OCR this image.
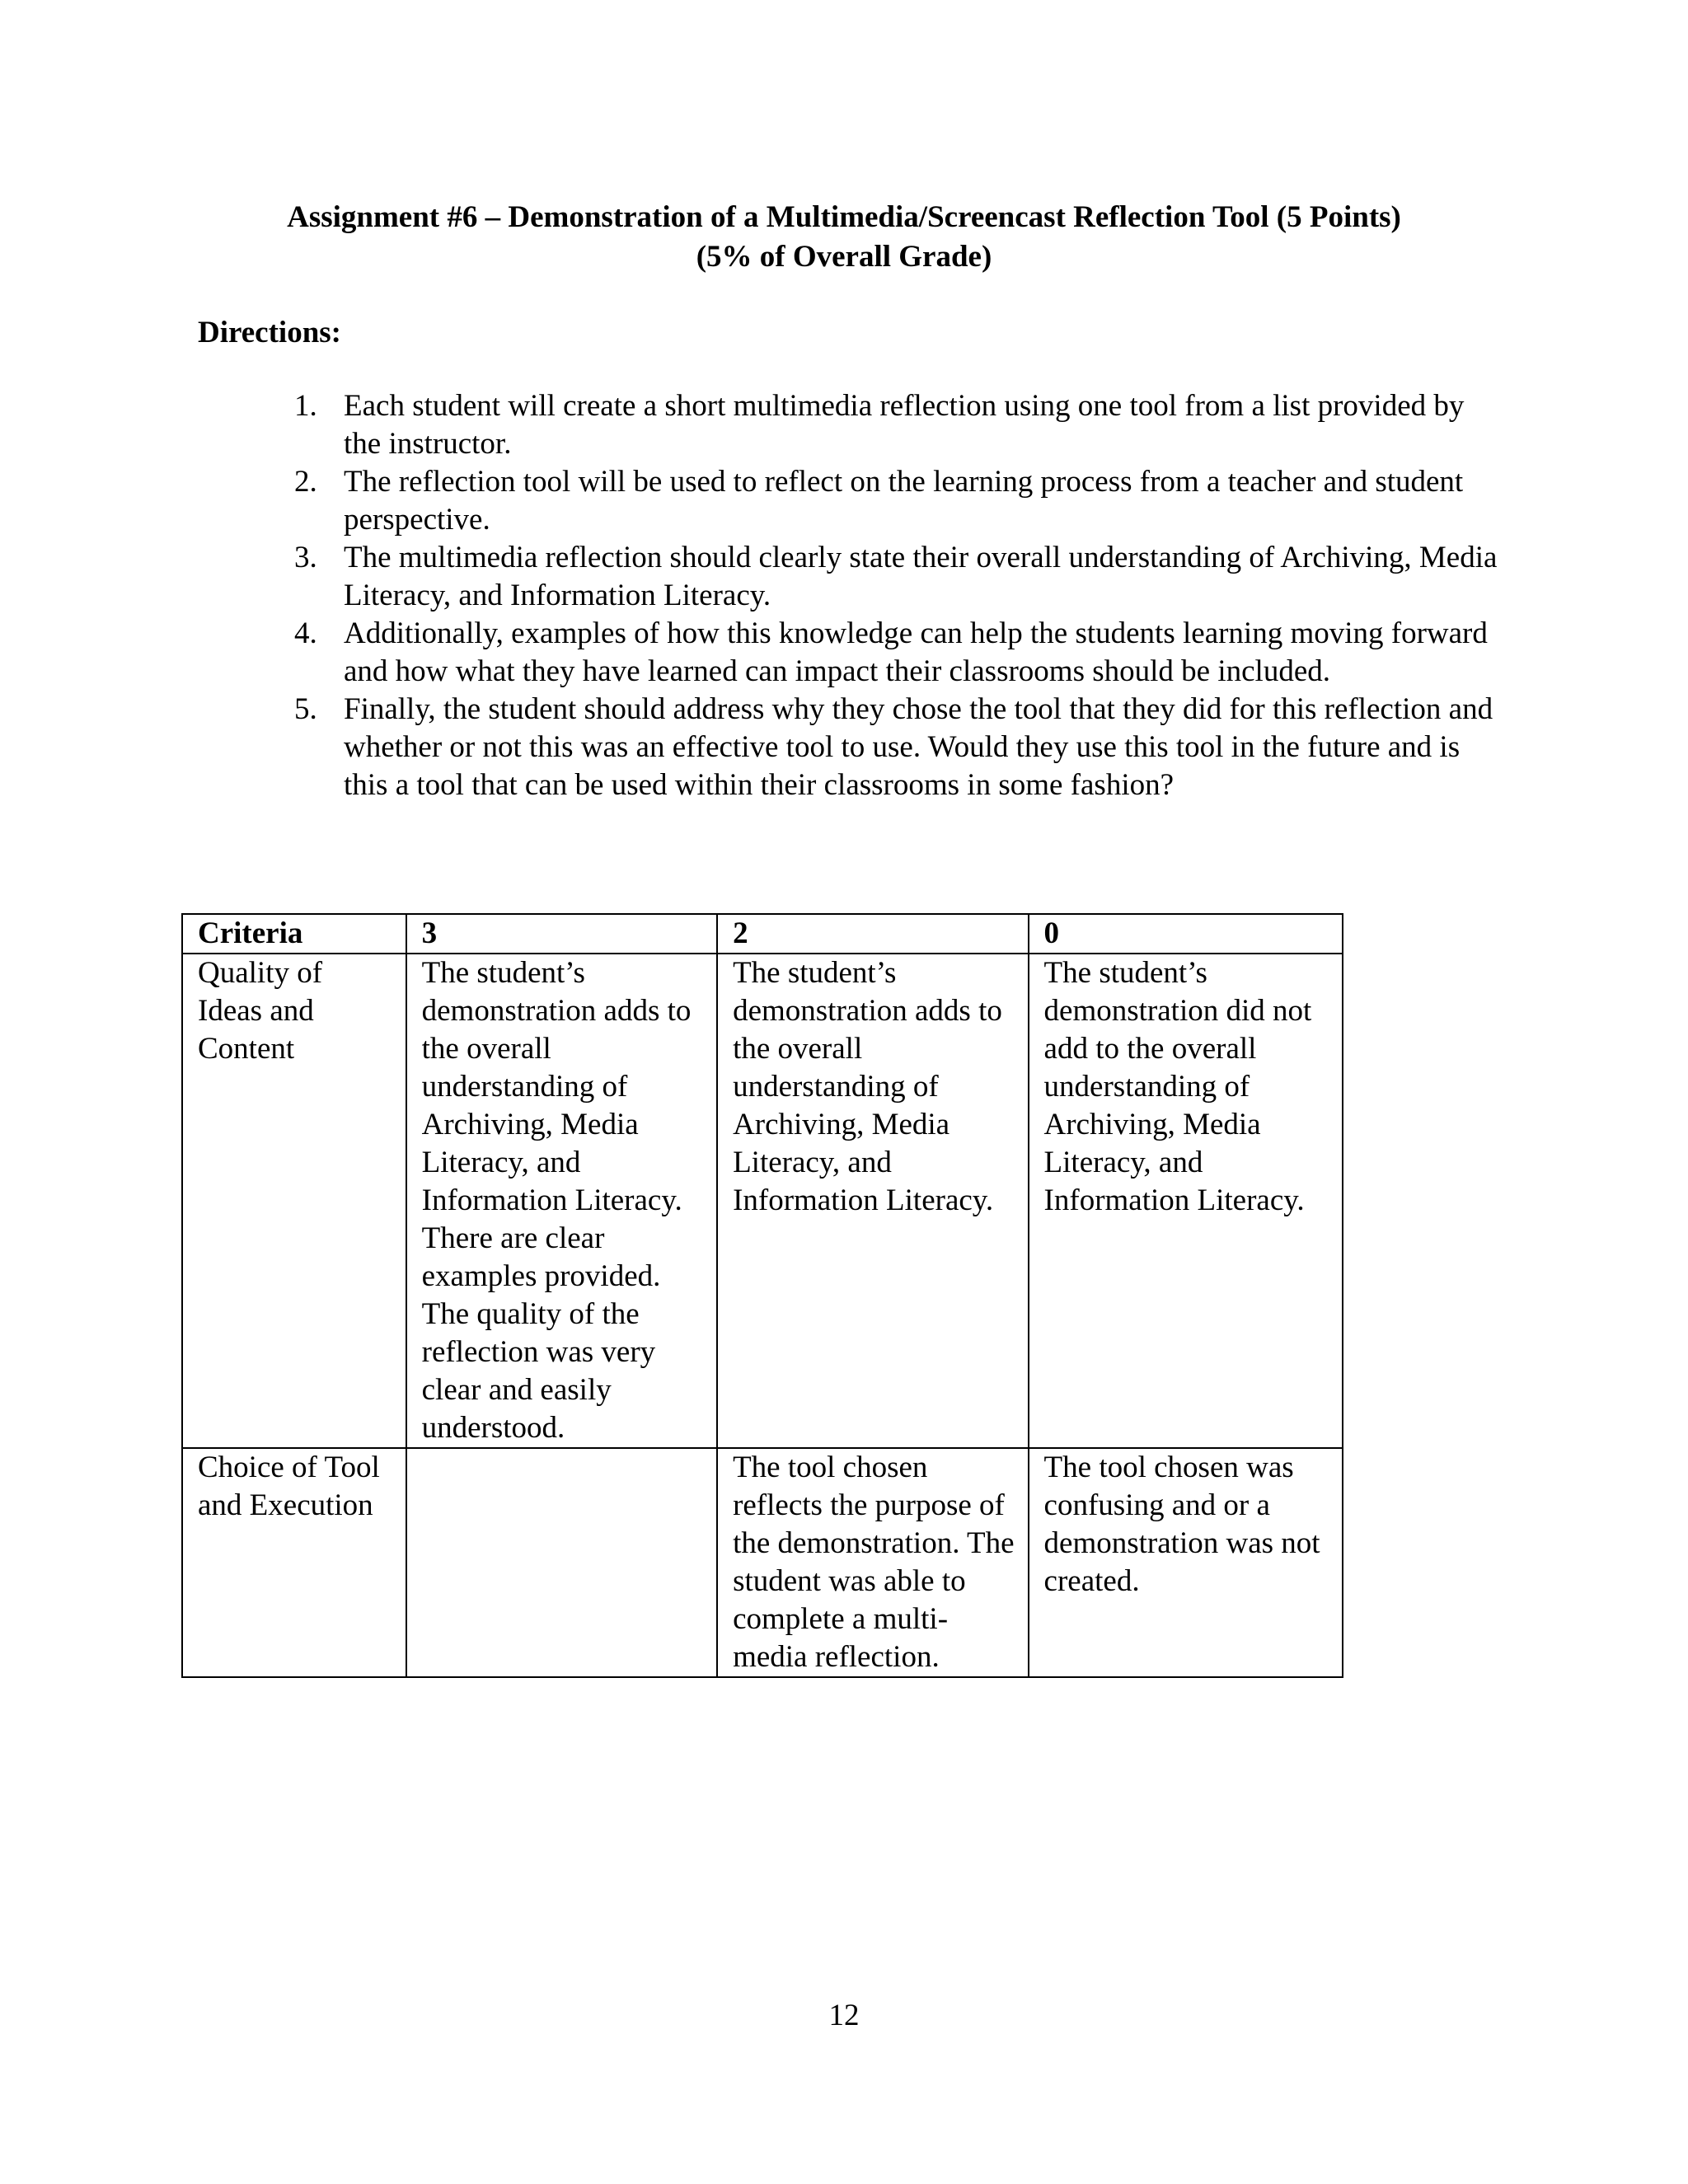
Assignment #6 – Demonstration of a Multimedia/Screencast Reflection Tool (5 Points)
(5% of Overall Grade)
Directions:
1. Each student will create a short multimedia reflection using one tool from a list provided by the instructor.
2. The reflection tool will be used to reflect on the learning process from a teacher and student perspective.
3. The multimedia reflection should clearly state their overall understanding of Archiving, Media Literacy, and Information Literacy.
4. Additionally, examples of how this knowledge can help the students learning moving forward and how what they have learned can impact their classrooms should be included.
5. Finally, the student should address why they chose the tool that they did for this reflection and whether or not this was an effective tool to use. Would they use this tool in the future and is this a tool that can be used within their classrooms in some fashion?
Criteria	3	2	0
Quality of Ideas and Content	The student’s demonstration adds to the overall understanding of Archiving, Media Literacy, and Information Literacy. There are clear examples provided. The quality of the reflection was very clear and easily understood.	The student’s demonstration adds to the overall understanding of Archiving, Media Literacy, and Information Literacy.	The student’s demonstration did not add to the overall understanding of Archiving, Media Literacy, and Information Literacy.
Choice of Tool and Execution		The tool chosen reflects the purpose of the demonstration. The student was able to complete a multi-media reflection.	The tool chosen was confusing and or a demonstration was not created.
12
